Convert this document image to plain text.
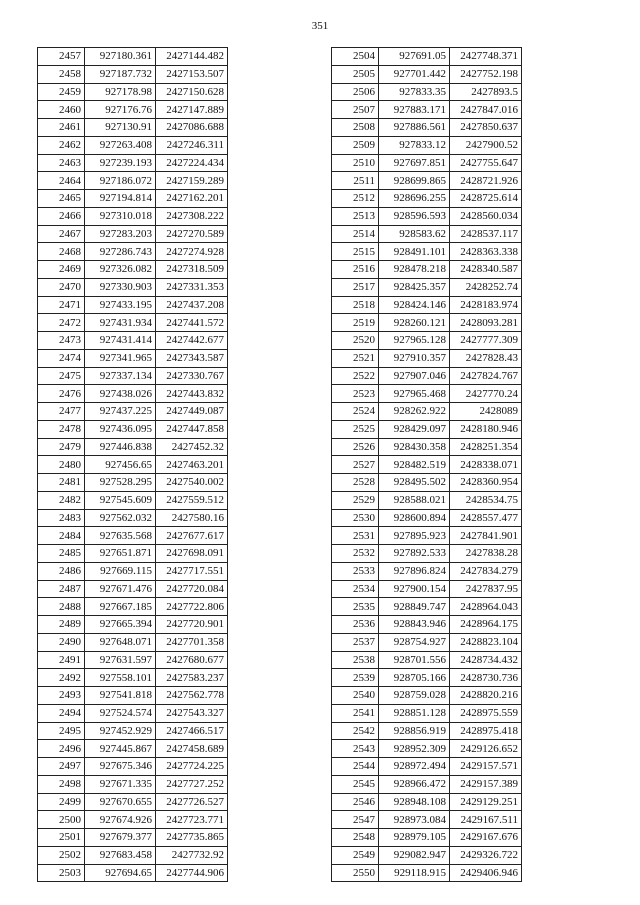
351
2457	927180.361	2427144.482
2458	927187.732	2427153.507
2459	927178.98	2427150.628
2460	927176.76	2427147.889
2461	927130.91	2427086.688
2462	927263.408	2427246.311
2463	927239.193	2427224.434
2464	927186.072	2427159.289
2465	927194.814	2427162.201
2466	927310.018	2427308.222
2467	927283.203	2427270.589
2468	927286.743	2427274.928
2469	927326.082	2427318.509
2470	927330.903	2427331.353
2471	927433.195	2427437.208
2472	927431.934	2427441.572
2473	927431.414	2427442.677
2474	927341.965	2427343.587
2475	927337.134	2427330.767
2476	927438.026	2427443.832
2477	927437.225	2427449.087
2478	927436.095	2427447.858
2479	927446.838	2427452.32
2480	927456.65	2427463.201
2481	927528.295	2427540.002
2482	927545.609	2427559.512
2483	927562.032	2427580.16
2484	927635.568	2427677.617
2485	927651.871	2427698.091
2486	927669.115	2427717.551
2487	927671.476	2427720.084
2488	927667.185	2427722.806
2489	927665.394	2427720.901
2490	927648.071	2427701.358
2491	927631.597	2427680.677
2492	927558.101	2427583.237
2493	927541.818	2427562.778
2494	927524.574	2427543.327
2495	927452.929	2427466.517
2496	927445.867	2427458.689
2497	927675.346	2427724.225
2498	927671.335	2427727.252
2499	927670.655	2427726.527
2500	927674.926	2427723.771
2501	927679.377	2427735.865
2502	927683.458	2427732.92
2503	927694.65	2427744.906
2504	927691.05	2427748.371
2505	927701.442	2427752.198
2506	927833.35	2427893.5
2507	927883.171	2427847.016
2508	927886.561	2427850.637
2509	927833.12	2427900.52
2510	927697.851	2427755.647
2511	928699.865	2428721.926
2512	928696.255	2428725.614
2513	928596.593	2428560.034
2514	928583.62	2428537.117
2515	928491.101	2428363.338
2516	928478.218	2428340.587
2517	928425.357	2428252.74
2518	928424.146	2428183.974
2519	928260.121	2428093.281
2520	927965.128	2427777.309
2521	927910.357	2427828.43
2522	927907.046	2427824.767
2523	927965.468	2427770.24
2524	928262.922	2428089
2525	928429.097	2428180.946
2526	928430.358	2428251.354
2527	928482.519	2428338.071
2528	928495.502	2428360.954
2529	928588.021	2428534.75
2530	928600.894	2428557.477
2531	927895.923	2427841.901
2532	927892.533	2427838.28
2533	927896.824	2427834.279
2534	927900.154	2427837.95
2535	928849.747	2428964.043
2536	928843.946	2428964.175
2537	928754.927	2428823.104
2538	928701.556	2428734.432
2539	928705.166	2428730.736
2540	928759.028	2428820.216
2541	928851.128	2428975.559
2542	928856.919	2428975.418
2543	928952.309	2429126.652
2544	928972.494	2429157.571
2545	928966.472	2429157.389
2546	928948.108	2429129.251
2547	928973.084	2429167.511
2548	928979.105	2429167.676
2549	929082.947	2429326.722
2550	929118.915	2429406.946
